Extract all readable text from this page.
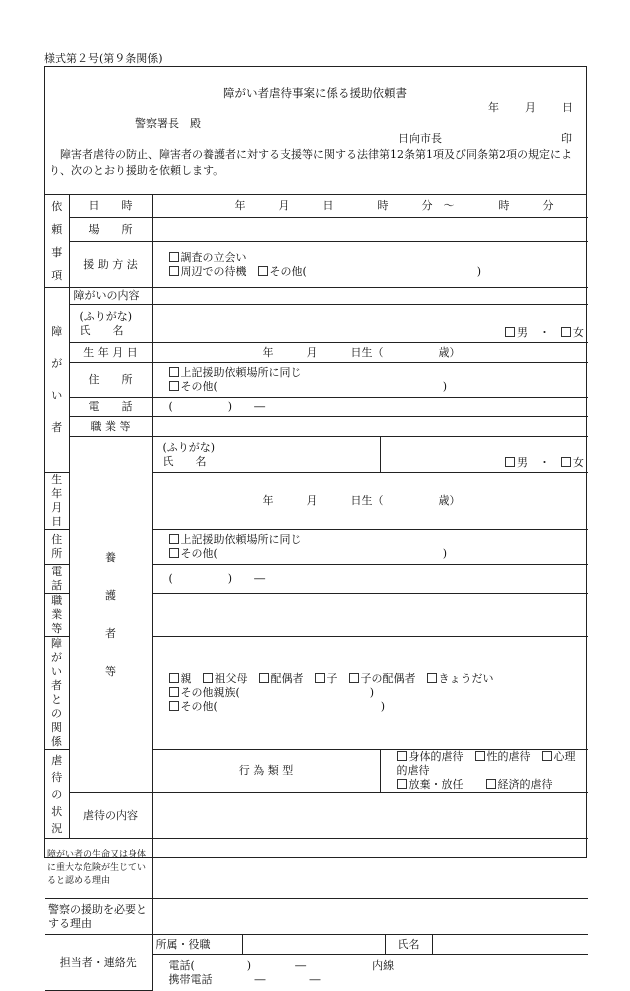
様式第２号(第９条関係)
障がい者虐待事案に係る援助依頼書
年 月 日
警察署長　殿
日向市長	印
障害者虐待の防止、障害者の養護者に対する支援等に関する法律第12条第1項及び同条第2項の規定により、次のとおり援助を依頼します。
依
頼
事
項
	日　　時	年　　　月　　　日　　　　時　　　分　～　　　　時　　　分
場　　所	
援 助 方 法	
調査の立会い
周辺での待機　 その他(	)

障
が
い
者
	障がいの内容	

(ふりがな)
氏　　名	男　 ・　 女

生 年 月 日	年　　　月　　　日生（　　　　　歳）
住　　所	
上記援助依頼場所に同じ
その他(	)

電　　話	(　　　　　)　　―
職 業 等	

養
護
者
等

(ふりがな)
氏　　名	男　 ・　 女

生 年 月 日	年　　　月　　　日生（　　　　　歳）
住　　所	
上記援助依頼場所に同じ
その他(	)

電　　話	(　　　　　)　　―
職 業 等	
障 が い 者 と の関係	
親　 祖父母　 配偶者　 子　 子の配偶者　 きょうだい
その他親族(	)
その他(	)

虐
待
の
状
況
	行 為 類 型	
身体的虐待　 性的虐待　 心理的虐待
放棄・放任　　	経済的虐待

虐待の内容	
障がい者の生命又は身体に重大な危険が生じていると認める理由	
警察の援助を必要とする理由	
担当者・連絡先	
所属・役職		氏名	

電話(	)　　　　―	内線
携帯電話	―　　　　―
